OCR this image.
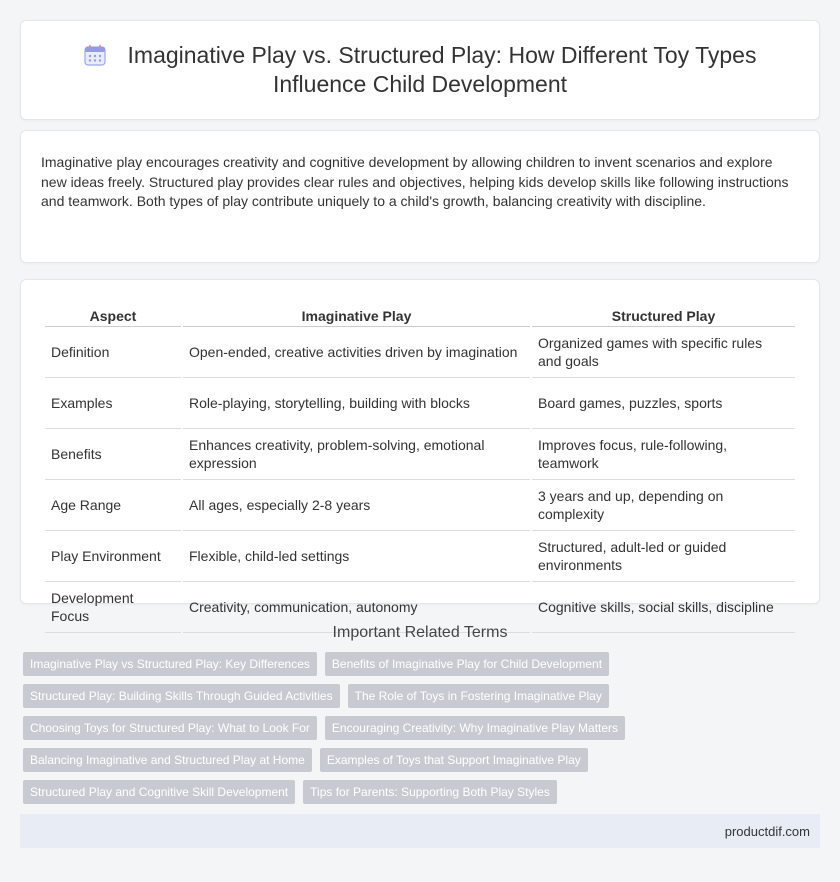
Imaginative Play vs. Structured Play: How Different Toy Types Influence Child Development

Imaginative play encourages creativity and cognitive development by allowing children to invent scenarios and explore new ideas freely. Structured play provides clear rules and objectives, helping kids develop skills like following instructions and teamwork. Both types of play contribute uniquely to a child's growth, balancing creativity with discipline.

Aspect	Imaginative Play	Structured Play
Definition	Open-ended, creative activities driven by imagination	Organized games with specific rules and goals
Examples	Role-playing, storytelling, building with blocks	Board games, puzzles, sports
Benefits	Enhances creativity, problem-solving, emotional expression	Improves focus, rule-following, teamwork
Age Range	All ages, especially 2-8 years	3 years and up, depending on complexity
Play Environment	Flexible, child-led settings	Structured, adult-led or guided environments
Development Focus	Creativity, communication, autonomy	Cognitive skills, social skills, discipline
Important Related Terms
Imaginative Play vs Structured Play: Key Differences	Benefits of Imaginative Play for Child Development
Structured Play: Building Skills Through Guided Activities	The Role of Toys in Fostering Imaginative Play
Choosing Toys for Structured Play: What to Look For	Encouraging Creativity: Why Imaginative Play Matters
Balancing Imaginative and Structured Play at Home	Examples of Toys that Support Imaginative Play
Structured Play and Cognitive Skill Development	Tips for Parents: Supporting Both Play Styles
productdif.com
